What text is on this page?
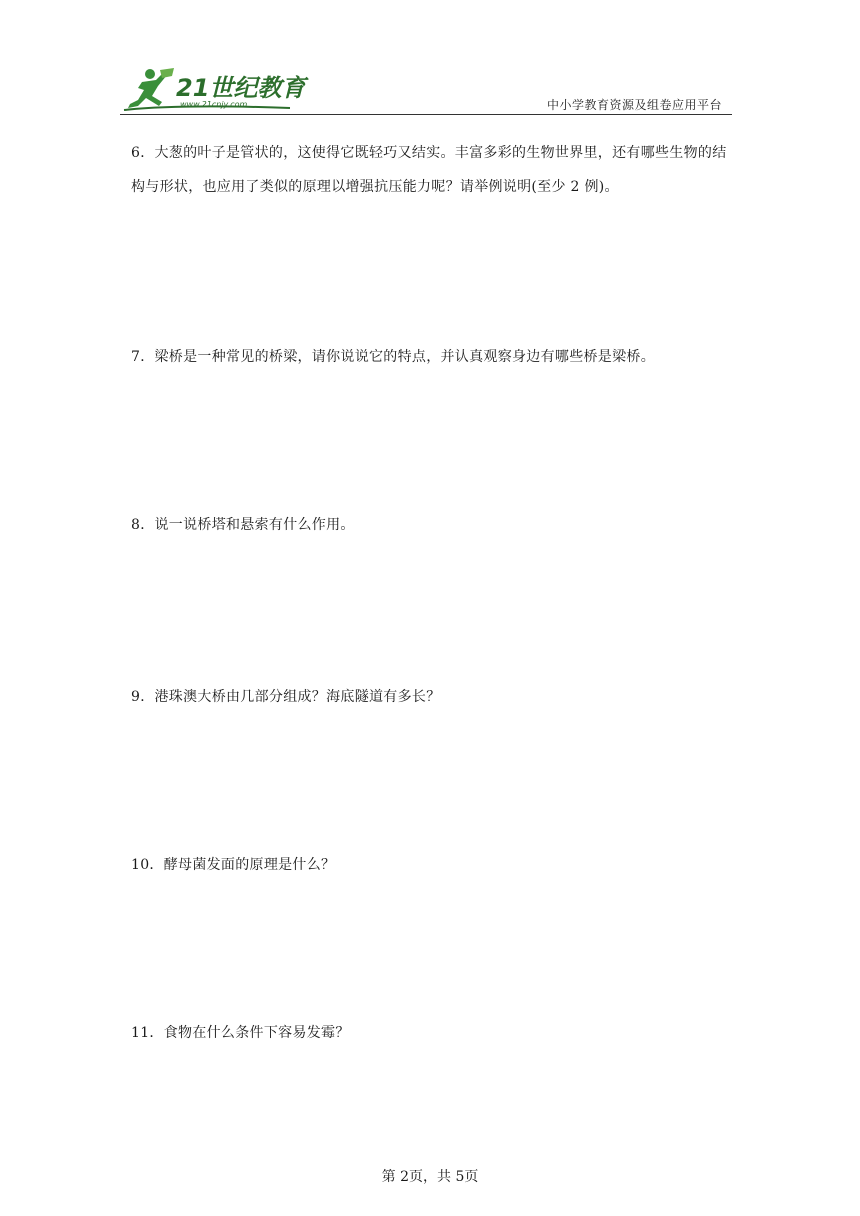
21世纪教育
www.21cnjy.com	中小学教育资源及组卷应用平台

6．大葱的叶子是管状的，这使得它既轻巧又结实。丰富多彩的生物世界里，还有哪些生物的结构与形状，也应用了类似的原理以增强抗压能力呢？请举例说明(至少 2 例)。

7．梁桥是一种常见的桥梁，请你说说它的特点，并认真观察身边有哪些桥是梁桥。

8．说一说桥塔和悬索有什么作用。

9．港珠澳大桥由几部分组成？海底隧道有多长？

10．酵母菌发面的原理是什么？

11．食物在什么条件下容易发霉？

第 2页，共 5页
